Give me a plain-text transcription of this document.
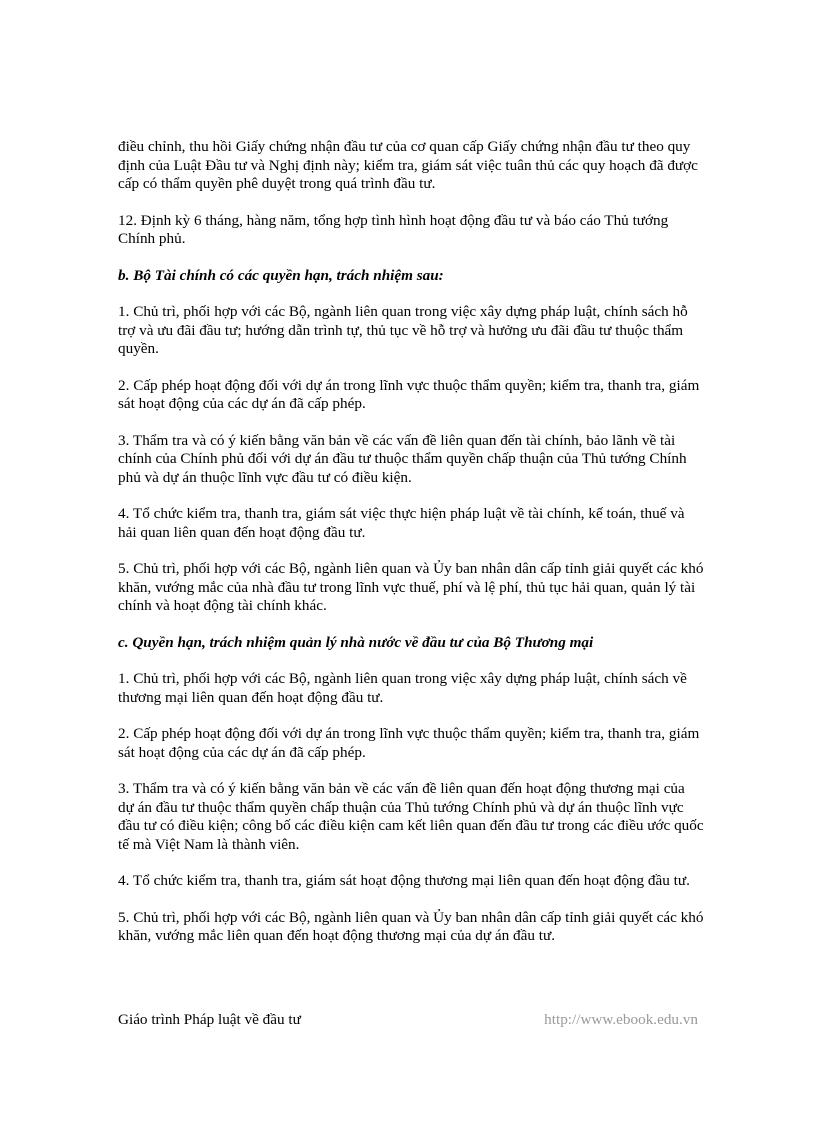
điều chỉnh, thu hồi Giấy chứng nhận đầu tư của cơ quan cấp Giấy chứng nhận đầu tư theo quy định của Luật Đầu tư và Nghị định này; kiểm tra, giám sát việc tuân thủ các quy hoạch đã được cấp có thẩm quyền phê duyệt trong quá trình đầu tư.

12. Định kỳ 6 tháng, hàng năm, tổng hợp tình hình hoạt động đầu tư và báo cáo Thủ tướng Chính phủ.

b. Bộ Tài chính có các quyền hạn, trách nhiệm sau:

1. Chủ trì, phối hợp với các Bộ, ngành liên quan trong việc xây dựng pháp luật, chính sách hỗ trợ và ưu đãi đầu tư; hướng dẫn trình tự, thủ tục về hỗ trợ và hưởng ưu đãi đầu tư thuộc thẩm quyền.

2. Cấp phép hoạt động đối với dự án trong lĩnh vực thuộc thẩm quyền; kiểm tra, thanh tra, giám sát hoạt động của các dự án đã cấp phép.

3. Thẩm tra và có ý kiến bằng văn bản về các vấn đề liên quan đến tài chính, bảo lãnh về tài chính của Chính phủ đối với dự án đầu tư thuộc thẩm quyền chấp thuận của Thủ tướng Chính phủ và dự án thuộc lĩnh vực đầu tư có điều kiện.

4. Tổ chức kiểm tra, thanh tra, giám sát việc thực hiện pháp luật về tài chính, kế toán, thuế và hải quan liên quan đến hoạt động đầu tư.

5. Chủ trì, phối hợp với các Bộ, ngành liên quan và Ủy ban nhân dân cấp tỉnh giải quyết các khó khăn, vướng mắc của nhà đầu tư trong lĩnh vực thuế, phí và lệ phí, thủ tục hải quan, quản lý tài chính và hoạt động tài chính khác.

c. Quyền hạn, trách nhiệm quản lý nhà nước về đầu tư của Bộ Thương mại

1. Chủ trì, phối hợp với các Bộ, ngành liên quan trong việc xây dựng pháp luật, chính sách về thương mại liên quan đến hoạt động đầu tư.

2. Cấp phép hoạt động đối với dự án trong lĩnh vực thuộc thẩm quyền; kiểm tra, thanh tra, giám sát hoạt động của các dự án đã cấp phép.

3. Thẩm tra và có ý kiến bằng văn bản về các vấn đề liên quan đến hoạt động thương mại của dự án đầu tư thuộc thẩm quyền chấp thuận của Thủ tướng Chính phủ và dự án thuộc lĩnh vực đầu tư có điều kiện; công bố các điều kiện cam kết liên quan đến đầu tư trong các điều ước quốc tế mà Việt Nam là thành viên.

4. Tổ chức kiểm tra, thanh tra, giám sát hoạt động thương mại liên quan đến hoạt động đầu tư.

5. Chủ trì, phối hợp với các Bộ, ngành liên quan và Ủy ban nhân dân cấp tỉnh giải quyết các khó khăn, vướng mắc liên quan đến hoạt động thương mại của dự án đầu tư.

Giáo trình Pháp luật về đầu tư	http://www.ebook.edu.vn
